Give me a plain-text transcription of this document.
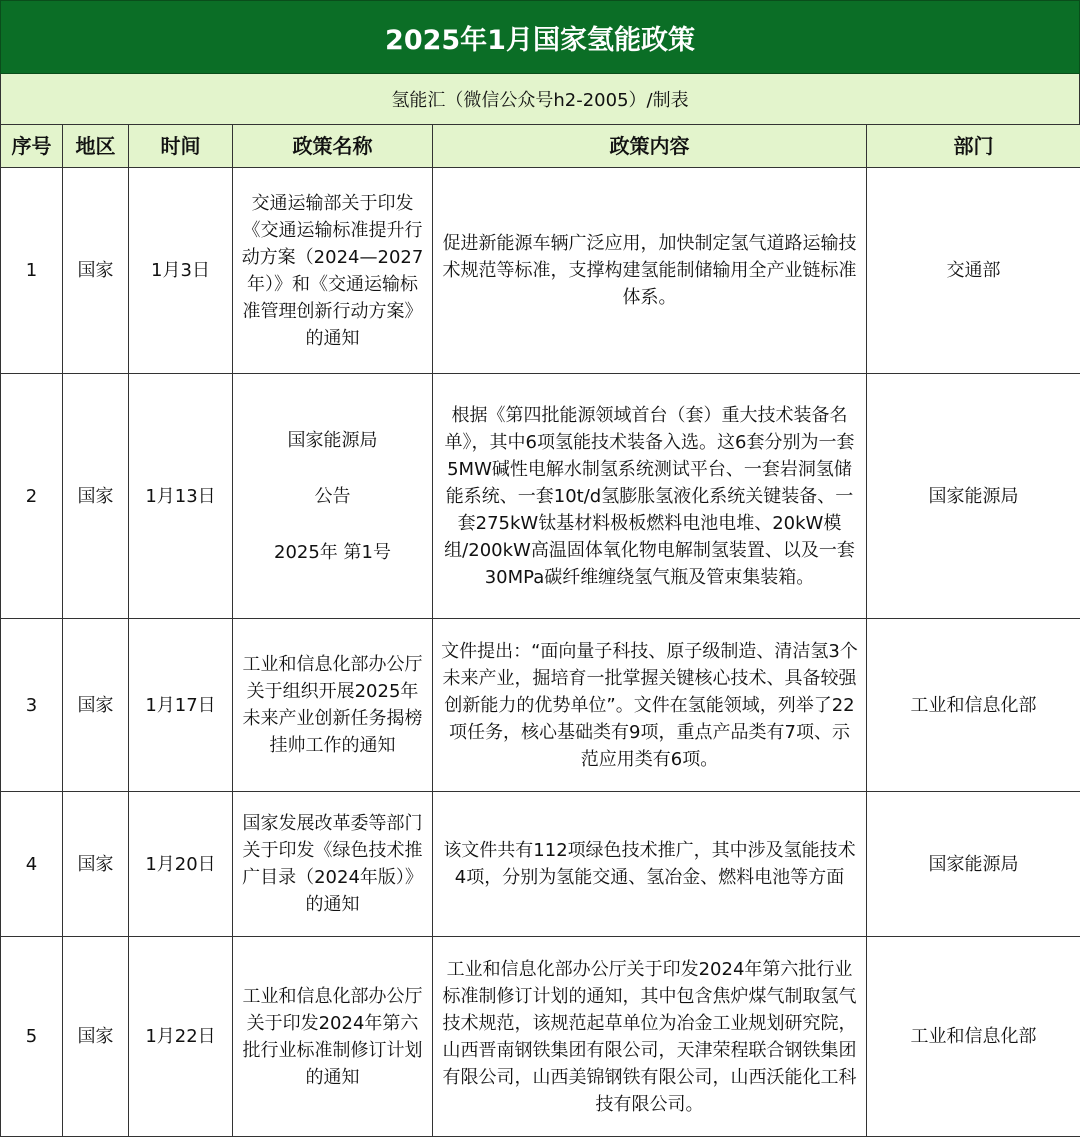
2025年1月国家氢能政策
氢能汇（微信公众号h2-2005）/制表
序号	地区	时间	政策名称	政策内容	部门
1	国家	1月3日	交通运输部关于印发《交通运输标准提升行动方案（2024—2027年）》和《交通运输标准管理创新行动方案》的通知	促进新能源车辆广泛应用，加快制定氢气道路运输技术规范等标准，支撑构建氢能制储输用全产业链标准体系。	交通部
2	国家	1月13日	国家能源局
公告
2025年 第1号	根据《第四批能源领域首台（套）重大技术装备名单》，其中6项氢能技术装备入选。这6套分别为一套5MW碱性电解水制氢系统测试平台、一套岩洞氢储能系统、一套10t/d氢膨胀氢液化系统关键装备、一套275kW钛基材料极板燃料电池电堆、20kW模组/200kW高温固体氧化物电解制氢装置、以及一套30MPa碳纤维缠绕氢气瓶及管束集装箱。	国家能源局
3	国家	1月17日	工业和信息化部办公厅关于组织开展2025年未来产业创新任务揭榜挂帅工作的通知	文件提出：“面向量子科技、原子级制造、清洁氢3个未来产业，掘培育一批掌握关键核心技术、具备较强创新能力的优势单位”。文件在氢能领域，列举了22项任务，核心基础类有9项，重点产品类有7项、示范应用类有6项。	工业和信息化部
4	国家	1月20日	国家发展改革委等部门关于印发《绿色技术推广目录（2024年版）》的通知	该文件共有112项绿色技术推广，其中涉及氢能技术4项，分别为氢能交通、氢冶金、燃料电池等方面	国家能源局
5	国家	1月22日	工业和信息化部办公厅关于印发2024年第六批行业标准制修订计划的通知	工业和信息化部办公厅关于印发2024年第六批行业标准制修订计划的通知，其中包含焦炉煤气制取氢气技术规范，该规范起草单位为冶金工业规划研究院，山西晋南钢铁集团有限公司，天津荣程联合钢铁集团有限公司，山西美锦钢铁有限公司，山西沃能化工科技有限公司。	工业和信息化部
